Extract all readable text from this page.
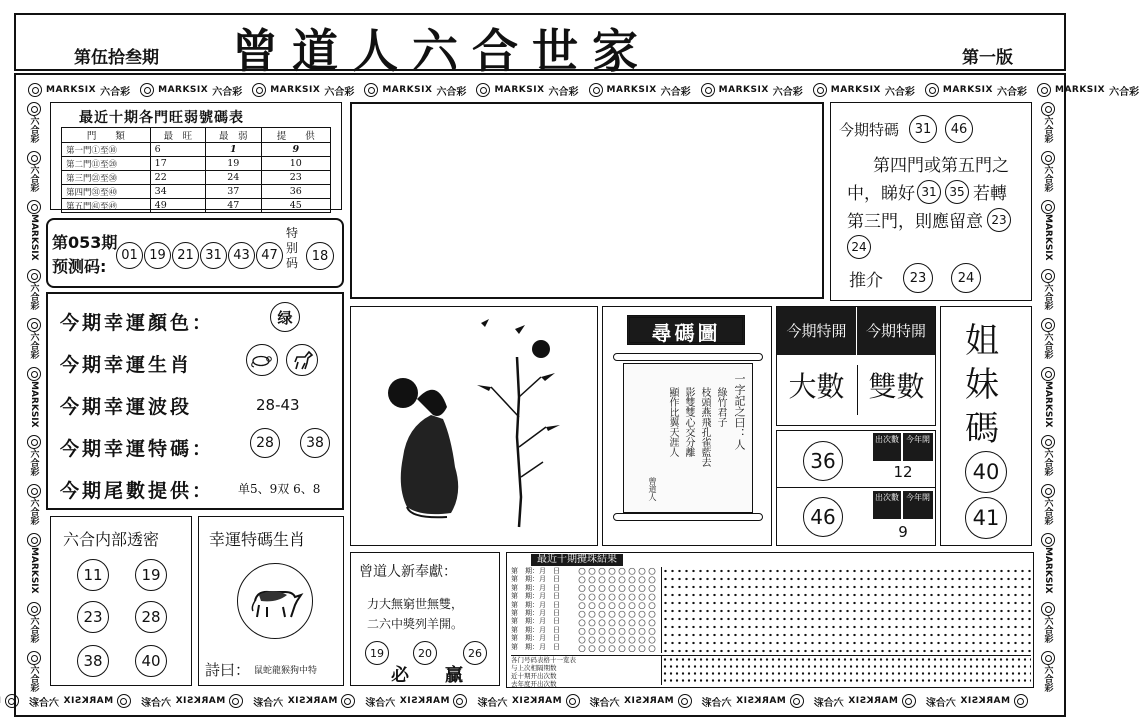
第伍拾叁期 曾道人六合世家	第一版
MARKSIX 六合彩	MARKSIX 六合彩	MARKSIX 六合彩	MARKSIX 六合彩	MARKSIX 六合彩	MARKSIX 六合彩	MARKSIX 六合彩	MARKSIX 六合彩	MARKSIX 六合彩	MARKSIX 六合彩
MARKSIX
六合彩
MARKSIX
六合彩
MARKSIX
六合彩
MARKSIX
六合彩
MARKSIX
六合彩
MARKSIX
六合彩
MARKSIX
六合彩
MARKSIX
六合彩
MARKSIX
六合彩
六合彩
六合彩
MARKSIX
六合彩
六合彩
MARKSIX
六合彩
六合彩
MARKSIX
六合彩
六合彩
六合彩
六合彩
MARKSIX
六合彩
六合彩
MARKSIX
六合彩
六合彩
MARKSIX
六合彩
六合彩
最近十期各門旺弱號碼表
門　　類	最　旺	最　弱	提　　供
第一門①至⑩	6	1	9
第二門⑪至⑳	17	19	10
第三門㉑至㉚	22	24	23
第四門㉛至㊵	34	37	36
第五門㊶至㊾	49	47	45
第053期
预测码:
01 19 21 31 43 47
特别码	18
今期特碼	31	46
第四門或第五門之
中，睇好 31	35 若轉
第三門，則應留意 23
24
推介	23	24
今期幸運顏色：	绿
今期幸運生肖
今期幸運波段	28-43
今期幸運特碼：	28	38
今期尾數提供： 单5、9双 6、8
尋碼圖
一字記之曰：人
綠竹君子
枝頭燕飛孔雀藍去
影雙雙心交分離
顯作比翼天涯人
曾道人
今期特開	今期特開
大數 雙數
36
出次數 今年開
12
46
出次數 今年開
9
姐
妹
碼
40
41
六合内部透密
11	19
23	28
38	40
幸運特碼生肖
詩曰： 鼠蛇龍猴狗中特
曾道人新奉獻：
力大無窮世無雙，
二六中獎列羊開。
19	20	26
必　　贏
最近十期攪珠結果
第　期：月　日
第　期：月　日
第　期：月　日
第　期：月　日
第　期：月　日
第　期：月　日
第　期：月　日
第　期：月　日
第　期：月　日
第　期：月　日
各门号码表格十一览表
与上次相隔期数
近十期开出次数
去年度开出次数
